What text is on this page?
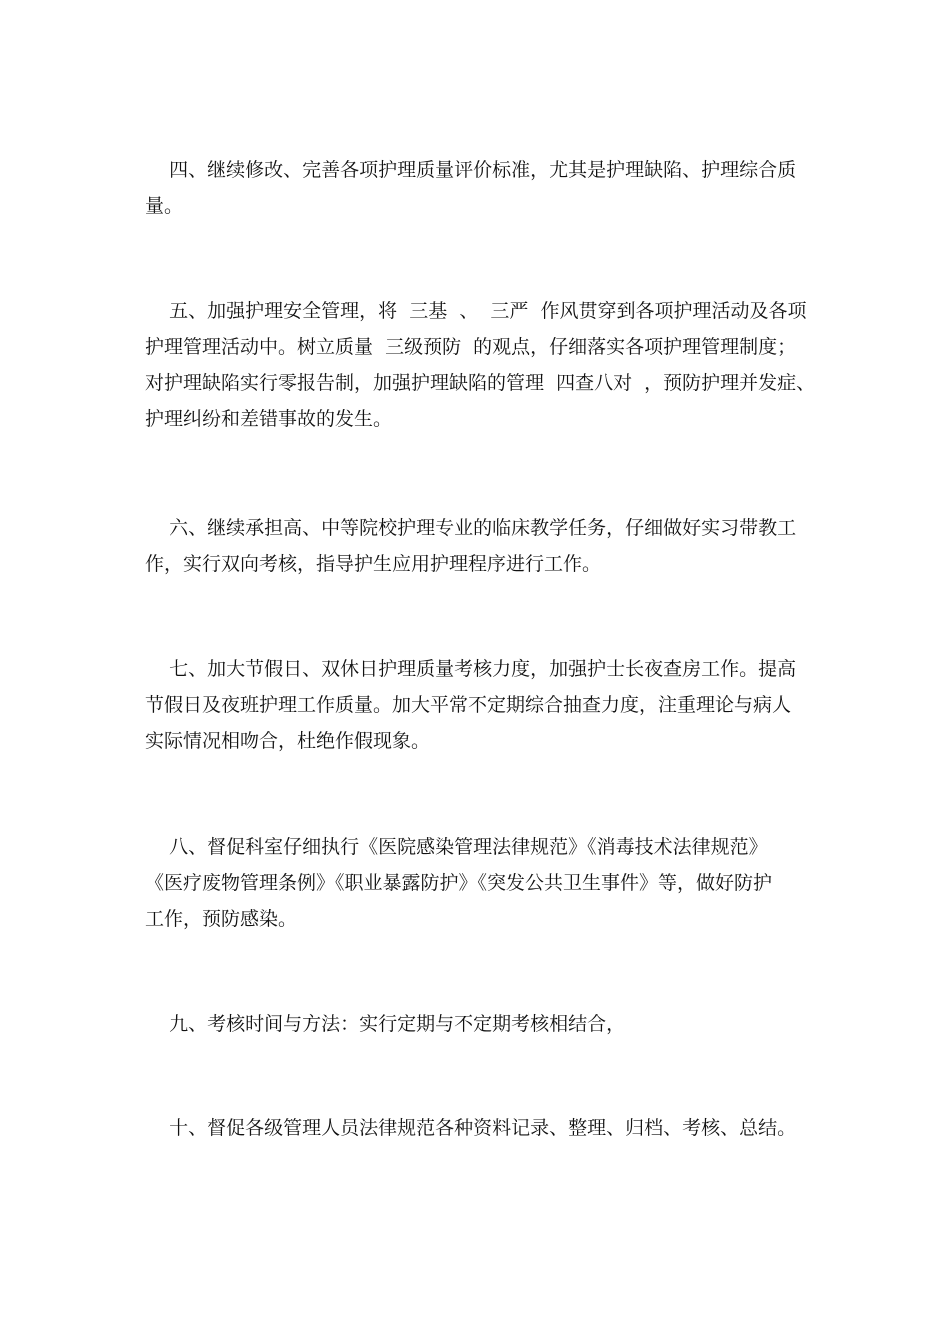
四、继续修改、完善各项护理质量评价标准，尤其是护理缺陷、护理综合质
量。

五、加强护理安全管理，将  三基  、  三严  作风贯穿到各项护理活动及各项
护理管理活动中。树立质量  三级预防  的观点，仔细落实各项护理管理制度；
对护理缺陷实行零报告制，加强护理缺陷的管理  四查八对  ，预防护理并发症、
护理纠纷和差错事故的发生。

六、继续承担高、中等院校护理专业的临床教学任务，仔细做好实习带教工
作，实行双向考核，指导护生应用护理程序进行工作。

七、加大节假日、双休日护理质量考核力度，加强护士长夜查房工作。提高
节假日及夜班护理工作质量。加大平常不定期综合抽查力度，注重理论与病人
实际情况相吻合，杜绝作假现象。

八、督促科室仔细执行《医院感染管理法律规范》《消毒技术法律规范》
《医疗废物管理条例》《职业暴露防护》《突发公共卫生事件》等，做好防护
工作，预防感染。

九、考核时间与方法：实行定期与不定期考核相结合，

十、督促各级管理人员法律规范各种资料记录、整理、归档、考核、总结。
